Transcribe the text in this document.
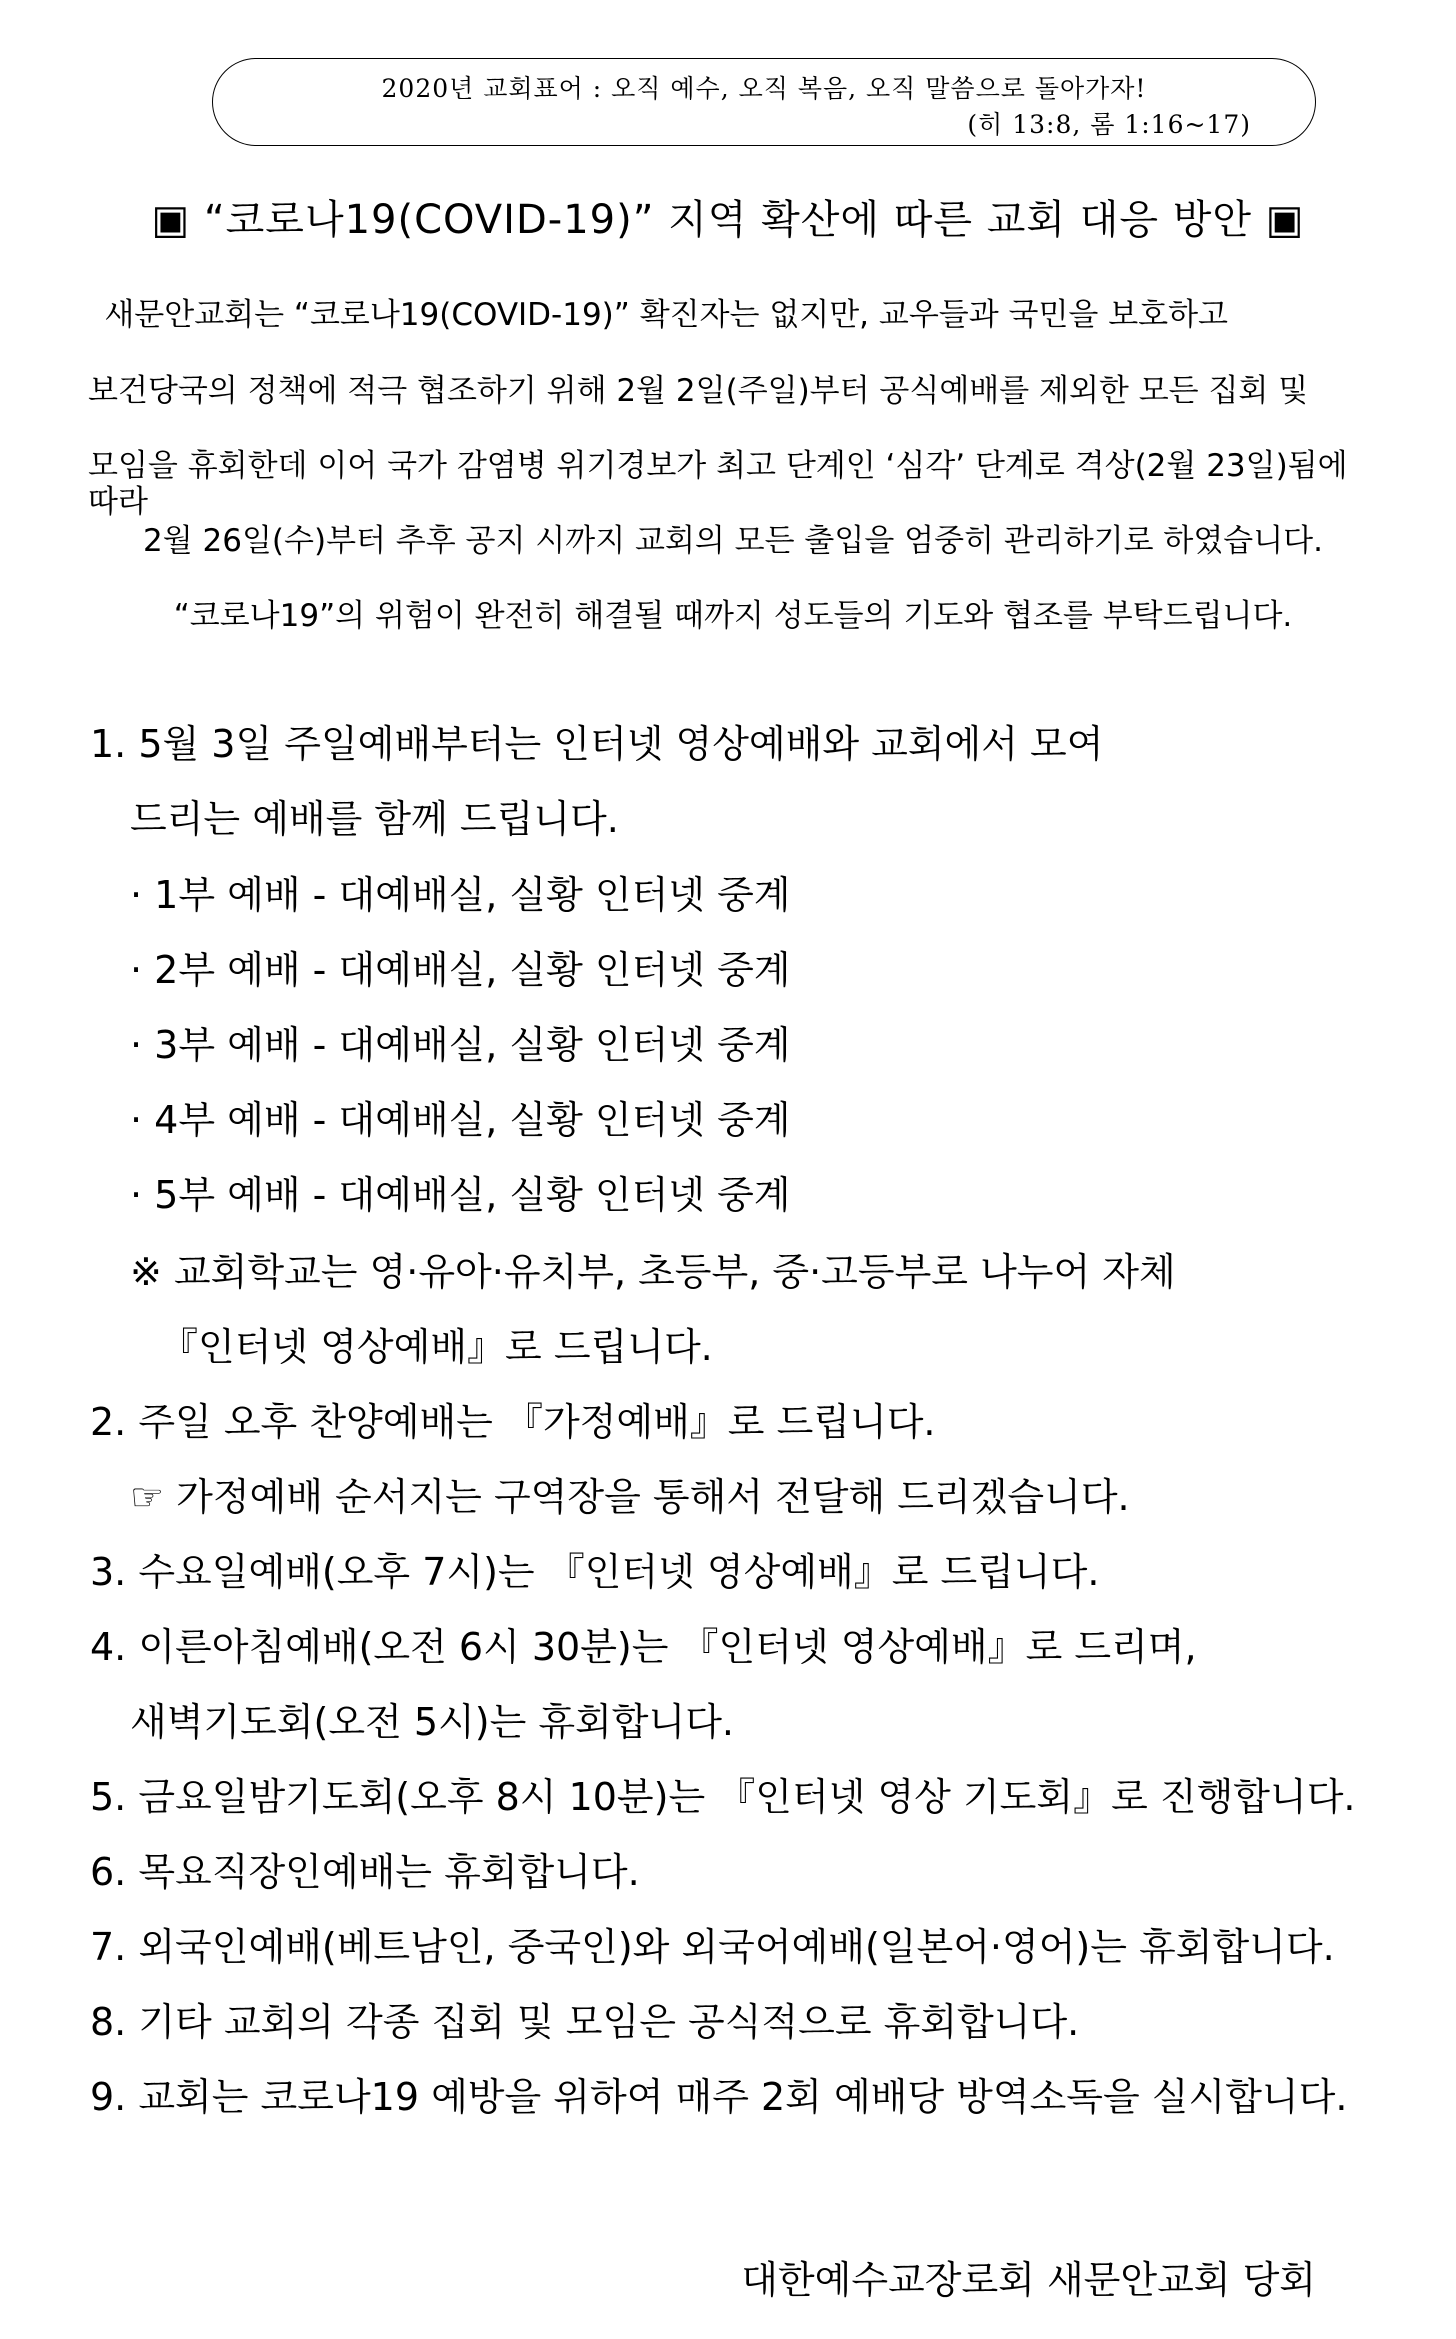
2020년 교회표어 : 오직 예수, 오직 복음, 오직 말씀으로 돌아가자!
(히 13:8, 롬 1:16~17)
▣ “코로나19(COVID-19)” 지역 확산에 따른 교회 대응 방안 ▣
새문안교회는 “코로나19(COVID-19)” 확진자는 없지만, 교우들과 국민을 보호하고
보건당국의 정책에 적극 협조하기 위해 2월 2일(주일)부터 공식예배를 제외한 모든 집회 및
모임을 휴회한데 이어 국가 감염병 위기경보가 최고 단계인 ‘심각’ 단계로 격상(2월 23일)됨에 따라
2월 26일(수)부터 추후 공지 시까지 교회의 모든 출입을 엄중히 관리하기로 하였습니다.
“코로나19”의 위험이 완전히 해결될 때까지 성도들의 기도와 협조를 부탁드립니다.
1. 5월 3일 주일예배부터는 인터넷 영상예배와 교회에서 모여
드리는 예배를 함께 드립니다.
· 1부 예배 - 대예배실, 실황 인터넷 중계
· 2부 예배 - 대예배실, 실황 인터넷 중계
· 3부 예배 - 대예배실, 실황 인터넷 중계
· 4부 예배 - 대예배실, 실황 인터넷 중계
· 5부 예배 - 대예배실, 실황 인터넷 중계
※ 교회학교는 영·유아·유치부, 초등부, 중·고등부로 나누어 자체
『인터넷 영상예배』로 드립니다.
2. 주일 오후 찬양예배는 『가정예배』로 드립니다.
☞ 가정예배 순서지는 구역장을 통해서 전달해 드리겠습니다.
3. 수요일예배(오후 7시)는 『인터넷 영상예배』로 드립니다.
4. 이른아침예배(오전 6시 30분)는 『인터넷 영상예배』로 드리며,
새벽기도회(오전 5시)는 휴회합니다.
5. 금요일밤기도회(오후 8시 10분)는 『인터넷 영상 기도회』로 진행합니다.
6. 목요직장인예배는 휴회합니다.
7. 외국인예배(베트남인, 중국인)와 외국어예배(일본어·영어)는 휴회합니다.
8. 기타 교회의 각종 집회 및 모임은 공식적으로 휴회합니다.
9. 교회는 코로나19 예방을 위하여 매주 2회 예배당 방역소독을 실시합니다.
대한예수교장로회 새문안교회 당회
